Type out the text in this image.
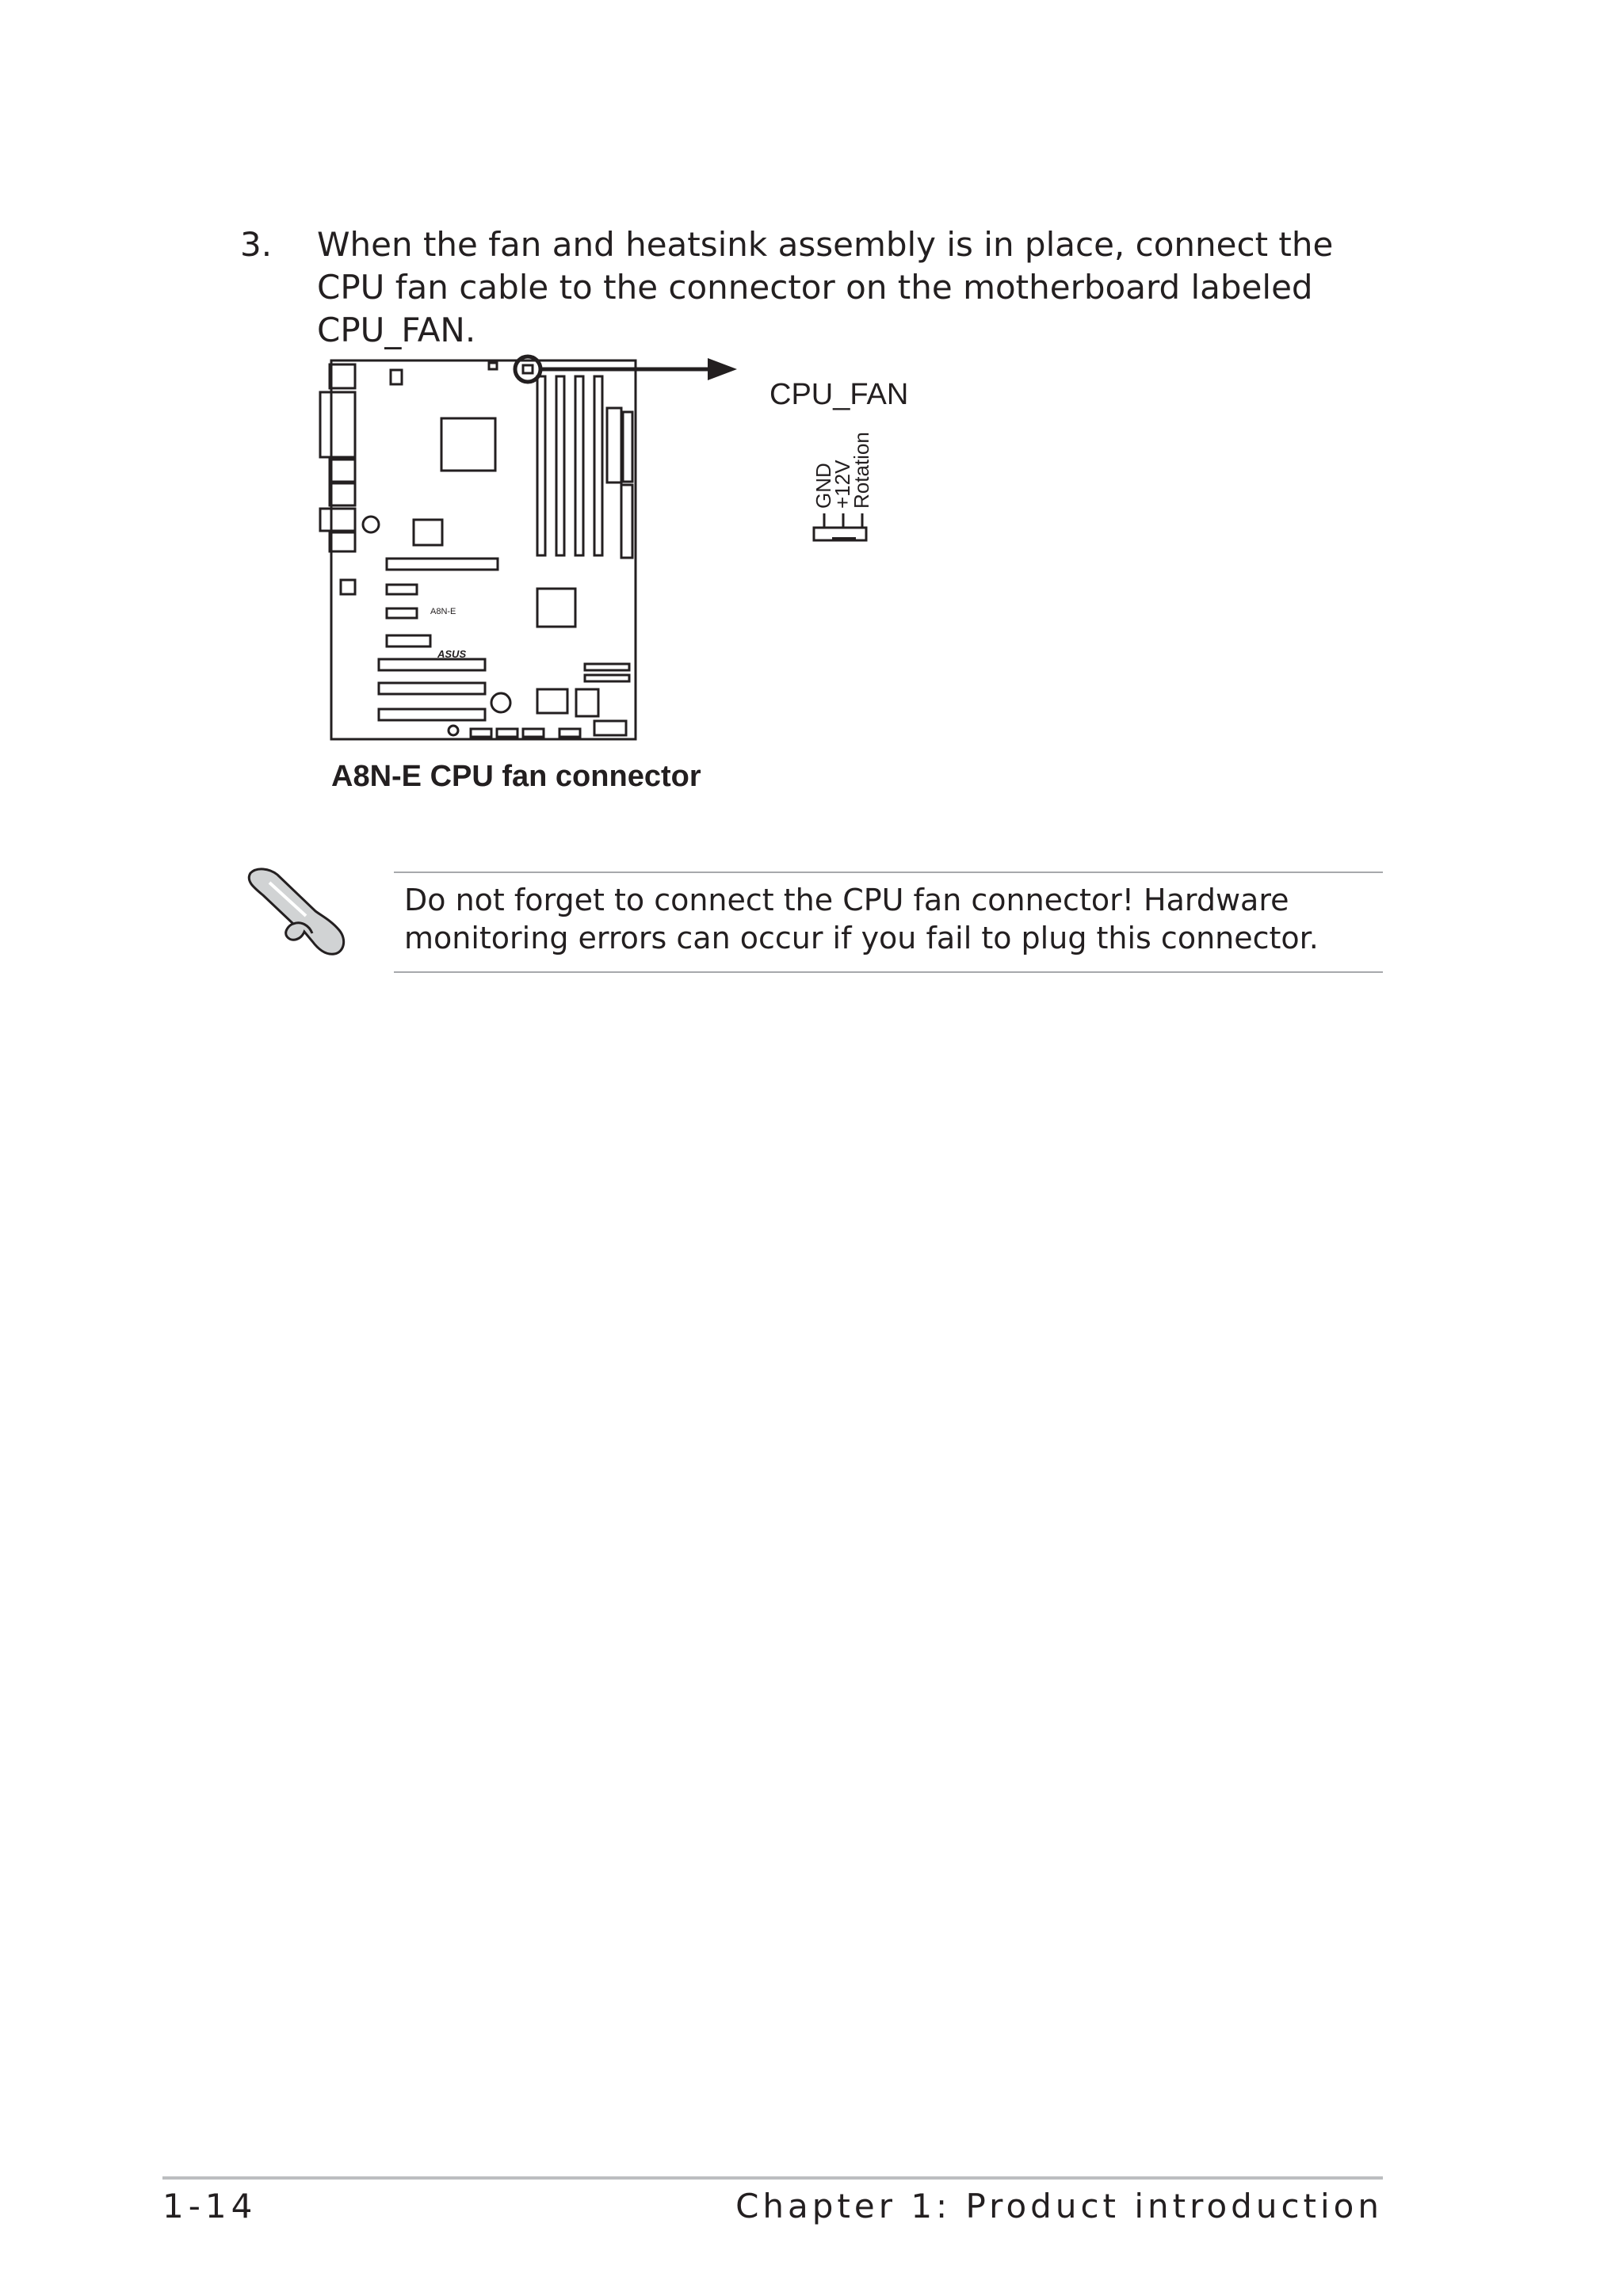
3. When the fan and heatsink assembly is in place, connect the CPU fan cable to the connector on the motherboard labeled CPU_FAN.
A8N-E
ASUS
CPU_FAN
GND
+12V
Rotation
A8N-E CPU fan connector
Do not forget to connect the CPU fan connector! Hardware monitoring errors can occur if you fail to plug this connector.
1-14	Chapter 1: Product introduction
